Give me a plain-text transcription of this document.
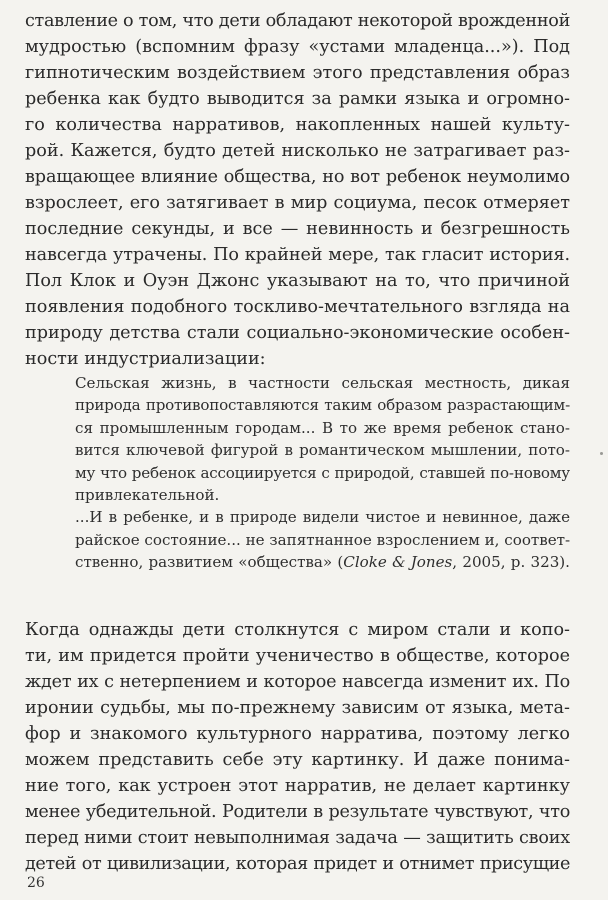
ставление о том, что дети обладают некоторой врожденной
мудростью (вспомним фразу «устами младенца...»). Под
гипнотическим воздействием этого представления образ
ребенка как будто выводится за рамки языка и огромно-
го количества нарративов, накопленных нашей культу-
рой. Кажется, будто детей нисколько не затрагивает раз-
вращающее влияние общества, но вот ребенок неумолимо
взрослеет, его затягивает в мир социума, песок отмеряет
последние секунды, и все — невинность и безгрешность
навсегда утрачены. По крайней мере, так гласит история.
Пол Клок и Оуэн Джонс указывают на то, что причиной
появления подобного тоскливо-мечтательного взгляда на
природу детства стали социально-экономические особен-
ности индустриализации:
Сельская жизнь, в частности сельская местность, дикая
природа противопоставляются таким образом разрастающим-
ся промышленным городам... В то же время ребенок стано-
вится ключевой фигурой в романтическом мышлении, пото-
му что ребенок ассоциируется с природой, ставшей по-новому
привлекательной.
...И в ребенке, и в природе видели чистое и невинное, даже
райское состояние... не запятнанное взрослением и, соответ-
ственно, развитием «общества» (Cloke & Jones, 2005, p. 323).
Когда однажды дети столкнутся с миром стали и копо-
ти, им придется пройти ученичество в обществе, которое
ждет их с нетерпением и которое навсегда изменит их. По
иронии судьбы, мы по-прежнему зависим от языка, мета-
фор и знакомого культурного нарратива, поэтому легко
можем представить себе эту картинку. И даже понима-
ние того, как устроен этот нарратив, не делает картинку
менее убедительной. Родители в результате чувствуют, что
перед ними стоит невыполнимая задача — защитить своих
детей от цивилизации, которая придет и отнимет присущие
26
